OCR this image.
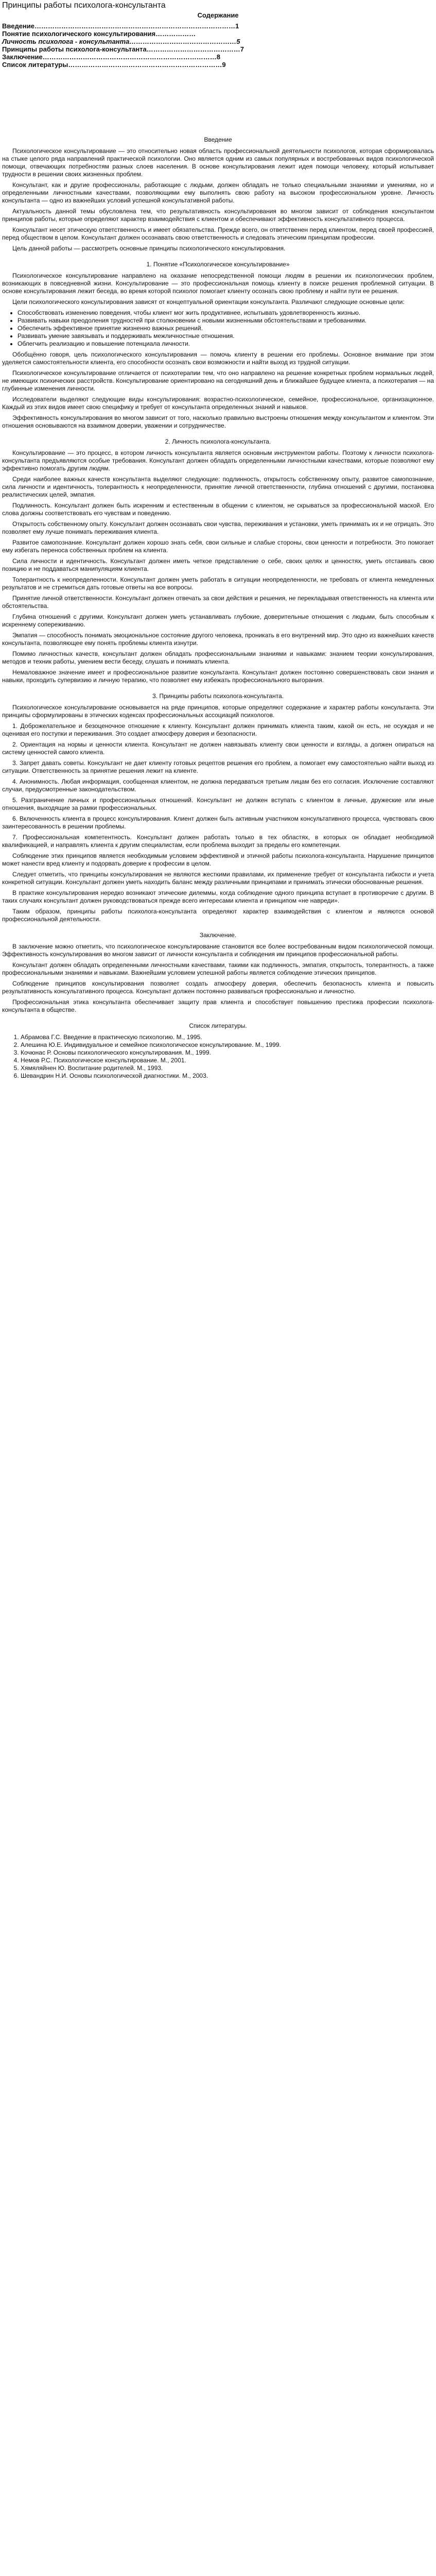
Принципы работы психолога-консультанта
Содержание
Введение………………………………………………………………………………1
Понятие психологического консультирования………………
Личность психолога - консультанта…………………………………………5
Принципы работы психолога-консультанта……………………………………7
Заключение……………………………………………………………………8
Список литературы……………………………………………………………9
Введение

Психологическое консультирование — это относительно новая область профессиональной деятельности психологов, которая сформировалась на стыке целого ряда направлений практической психологии. Оно является одним из самых популярных и востребованных видов психологической помощи, отвечающих потребностям разных слоев населения. В основе консультирования лежит идея помощи человеку, который испытывает трудности в решении своих жизненных проблем.

Консультант, как и другие профессионалы, работающие с людьми, должен обладать не только специальными знаниями и умениями, но и определенными личностными качествами, позволяющими ему выполнять свою работу на высоком профессиональном уровне. Личность консультанта — одно из важнейших условий успешной консультативной работы.

Актуальность данной темы обусловлена тем, что результативность консультирования во многом зависит от соблюдения консультантом принципов работы, которые определяют характер взаимодействия с клиентом и обеспечивают эффективность консультативного процесса.

Консультант несет этическую ответственность и имеет обязательства. Прежде всего, он ответственен перед клиентом, перед своей профессией, перед обществом в целом. Консультант должен осознавать свою ответственность и следовать этическим принципам профессии.

Цель данной работы — рассмотреть основные принципы психологического консультирования.

1. Понятие «Психологическое консультирование»

Психологическое консультирование направлено на оказание непосредственной помощи людям в решении их психологических проблем, возникающих в повседневной жизни. Консультирование — это профессиональная помощь клиенту в поиске решения проблемной ситуации. В основе консультирования лежит беседа, во время которой психолог помогает клиенту осознать свою проблему и найти пути ее решения.

Цели психологического консультирования зависят от концептуальной ориентации консультанта. Различают следующие основные цели:

• Способствовать изменению поведения, чтобы клиент мог жить продуктивнее, испытывать удовлетворенность жизнью.
• Развивать навыки преодоления трудностей при столкновении с новыми жизненными обстоятельствами и требованиями.
• Обеспечить эффективное принятие жизненно важных решений.
• Развивать умение завязывать и поддерживать межличностные отношения.
• Облегчить реализацию и повышение потенциала личности.

Обобщённо говоря, цель психологического консультирования — помочь клиенту в решении его проблемы. Основное внимание при этом уделяется самостоятельности клиента, его способности осознать свои возможности и найти выход из трудной ситуации.

Психологическое консультирование отличается от психотерапии тем, что оно направлено на решение конкретных проблем нормальных людей, не имеющих психических расстройств. Консультирование ориентировано на сегодняшний день и ближайшее будущее клиента, а психотерапия — на глубинные изменения личности.

Исследователи выделяют следующие виды консультирования: возрастно-психологическое, семейное, профессиональное, организационное. Каждый из этих видов имеет свою специфику и требует от консультанта определенных знаний и навыков.

Эффективность консультирования во многом зависит от того, насколько правильно выстроены отношения между консультантом и клиентом. Эти отношения основываются на взаимном доверии, уважении и сотрудничестве.

2. Личность психолога-консультанта.

Консультирование — это процесс, в котором личность консультанта является основным инструментом работы. Поэтому к личности психолога-консультанта предъявляются особые требования. Консультант должен обладать определенными личностными качествами, которые позволяют ему эффективно помогать другим людям.

Среди наиболее важных качеств консультанта выделяют следующие: подлинность, открытость собственному опыту, развитое самопознание, сила личности и идентичность, толерантность к неопределенности, принятие личной ответственности, глубина отношений с другими, постановка реалистических целей, эмпатия.

Подлинность. Консультант должен быть искренним и естественным в общении с клиентом, не скрываться за профессиональной маской. Его слова должны соответствовать его чувствам и поведению.

Открытость собственному опыту. Консультант должен осознавать свои чувства, переживания и установки, уметь принимать их и не отрицать. Это позволяет ему лучше понимать переживания клиента.

Развитое самопознание. Консультант должен хорошо знать себя, свои сильные и слабые стороны, свои ценности и потребности. Это помогает ему избегать переноса собственных проблем на клиента.

Сила личности и идентичность. Консультант должен иметь четкое представление о себе, своих целях и ценностях, уметь отстаивать свою позицию и не поддаваться манипуляциям клиента.

Толерантность к неопределенности. Консультант должен уметь работать в ситуации неопределенности, не требовать от клиента немедленных результатов и не стремиться дать готовые ответы на все вопросы.

Принятие личной ответственности. Консультант должен отвечать за свои действия и решения, не перекладывая ответственность на клиента или обстоятельства.

Глубина отношений с другими. Консультант должен уметь устанавливать глубокие, доверительные отношения с людьми, быть способным к искреннему сопереживанию.

Эмпатия — способность понимать эмоциональное состояние другого человека, проникать в его внутренний мир. Это одно из важнейших качеств консультанта, позволяющее ему понять проблемы клиента изнутри.

Помимо личностных качеств, консультант должен обладать профессиональными знаниями и навыками: знанием теории консультирования, методов и техник работы, умением вести беседу, слушать и понимать клиента.

Немаловажное значение имеет и профессиональное развитие консультанта. Консультант должен постоянно совершенствовать свои знания и навыки, проходить супервизию и личную терапию, что позволяет ему избежать профессионального выгорания.

3. Принципы работы психолога-консультанта.

Психологическое консультирование основывается на ряде принципов, которые определяют содержание и характер работы консультанта. Эти принципы сформулированы в этических кодексах профессиональных ассоциаций психологов.

1. Доброжелательное и безоценочное отношение к клиенту. Консультант должен принимать клиента таким, какой он есть, не осуждая и не оценивая его поступки и переживания. Это создает атмосферу доверия и безопасности.

2. Ориентация на нормы и ценности клиента. Консультант не должен навязывать клиенту свои ценности и взгляды, а должен опираться на систему ценностей самого клиента.

3. Запрет давать советы. Консультант не дает клиенту готовых рецептов решения его проблем, а помогает ему самостоятельно найти выход из ситуации. Ответственность за принятие решения лежит на клиенте.

4. Анонимность. Любая информация, сообщенная клиентом, не должна передаваться третьим лицам без его согласия. Исключение составляют случаи, предусмотренные законодательством.

5. Разграничение личных и профессиональных отношений. Консультант не должен вступать с клиентом в личные, дружеские или иные отношения, выходящие за рамки профессиональных.

6. Включенность клиента в процесс консультирования. Клиент должен быть активным участником консультативного процесса, чувствовать свою заинтересованность в решении проблемы.

7. Профессиональная компетентность. Консультант должен работать только в тех областях, в которых он обладает необходимой квалификацией, и направлять клиента к другим специалистам, если проблема выходит за пределы его компетенции.

Соблюдение этих принципов является необходимым условием эффективной и этичной работы психолога-консультанта. Нарушение принципов может нанести вред клиенту и подорвать доверие к профессии в целом.

Следует отметить, что принципы консультирования не являются жесткими правилами, их применение требует от консультанта гибкости и учета конкретной ситуации. Консультант должен уметь находить баланс между различными принципами и принимать этически обоснованные решения.

В практике консультирования нередко возникают этические дилеммы, когда соблюдение одного принципа вступает в противоречие с другим. В таких случаях консультант должен руководствоваться прежде всего интересами клиента и принципом «не навреди».

Таким образом, принципы работы психолога-консультанта определяют характер взаимодействия с клиентом и являются основой профессиональной деятельности.

Заключение.

В заключение можно отметить, что психологическое консультирование становится все более востребованным видом психологической помощи. Эффективность консультирования во многом зависит от личности консультанта и соблюдения им принципов профессиональной работы.

Консультант должен обладать определенными личностными качествами, такими как подлинность, эмпатия, открытость, толерантность, а также профессиональными знаниями и навыками. Важнейшим условием успешной работы является соблюдение этических принципов.

Соблюдение принципов консультирования позволяет создать атмосферу доверия, обеспечить безопасность клиента и повысить результативность консультативного процесса. Консультант должен постоянно развиваться профессионально и личностно.

Профессиональная этика консультанта обеспечивает защиту прав клиента и способствует повышению престижа профессии психолога-консультанта в обществе.

Список литературы.
1. Абрамова Г.С. Введение в практическую психологию. М., 1995.
2. Алешина Ю.Е. Индивидуальное и семейное психологическое консультирование. М., 1999.
3. Кочюнас Р. Основы психологического консультирования. М., 1999.
4. Немов Р.С. Психологическое консультирование. М., 2001.
5. Хямяляйнен Ю. Воспитание родителей. М., 1993.
6. Шевандрин Н.И. Основы психологической диагностики. М., 2003.
